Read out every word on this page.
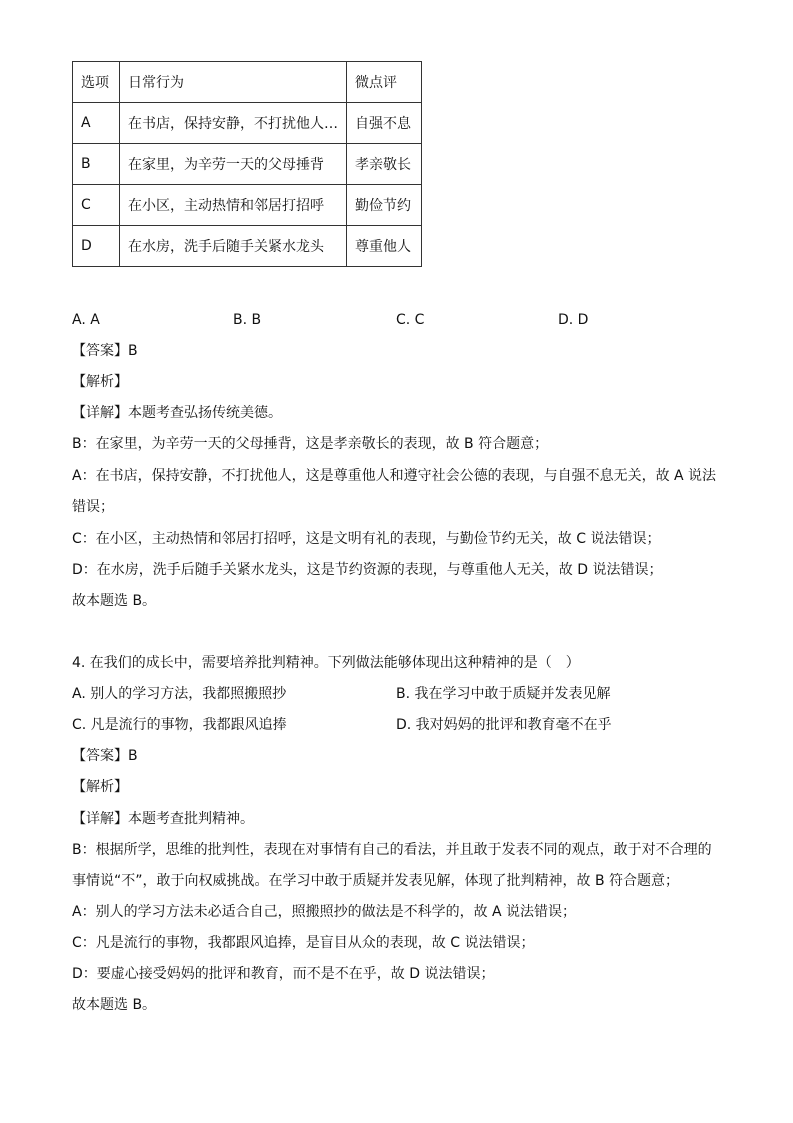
选项	日常行为	微点评
A	在书店，保持安静，不打扰他人…	自强不息
B	在家里，为辛劳一天的父母捶背	孝亲敬长
C	在小区，主动热情和邻居打招呼	勤俭节约
D	在水房，洗手后随手关紧水龙头	尊重他人
A. A	B. B	C. C	D. D
【答案】B
【解析】
【详解】本题考查弘扬传统美德。
B：在家里，为辛劳一天的父母捶背，这是孝亲敬长的表现，故 B 符合题意；
A：在书店，保持安静，不打扰他人，这是尊重他人和遵守社会公德的表现，与自强不息无关，故 A 说法
错误；
C：在小区，主动热情和邻居打招呼，这是文明有礼的表现，与勤俭节约无关，故 C 说法错误；
D：在水房，洗手后随手关紧水龙头，这是节约资源的表现，与尊重他人无关，故 D 说法错误；
故本题选 B。
4. 在我们的成长中，需要培养批判精神。下列做法能够体现出这种精神的是（　）
A. 别人的学习方法，我都照搬照抄	B. 我在学习中敢于质疑并发表见解
C. 凡是流行的事物，我都跟风追捧	D. 我对妈妈的批评和教育毫不在乎
【答案】B
【解析】
【详解】本题考查批判精神。
B：根据所学，思维的批判性，表现在对事情有自己的看法，并且敢于发表不同的观点，敢于对不合理的
事情说“不”，敢于向权威挑战。在学习中敢于质疑并发表见解，体现了批判精神，故 B 符合题意；
A：别人的学习方法未必适合自己，照搬照抄的做法是不科学的，故 A 说法错误；
C：凡是流行的事物，我都跟风追捧，是盲目从众的表现，故 C 说法错误；
D：要虚心接受妈妈的批评和教育，而不是不在乎，故 D 说法错误；
故本题选 B。
